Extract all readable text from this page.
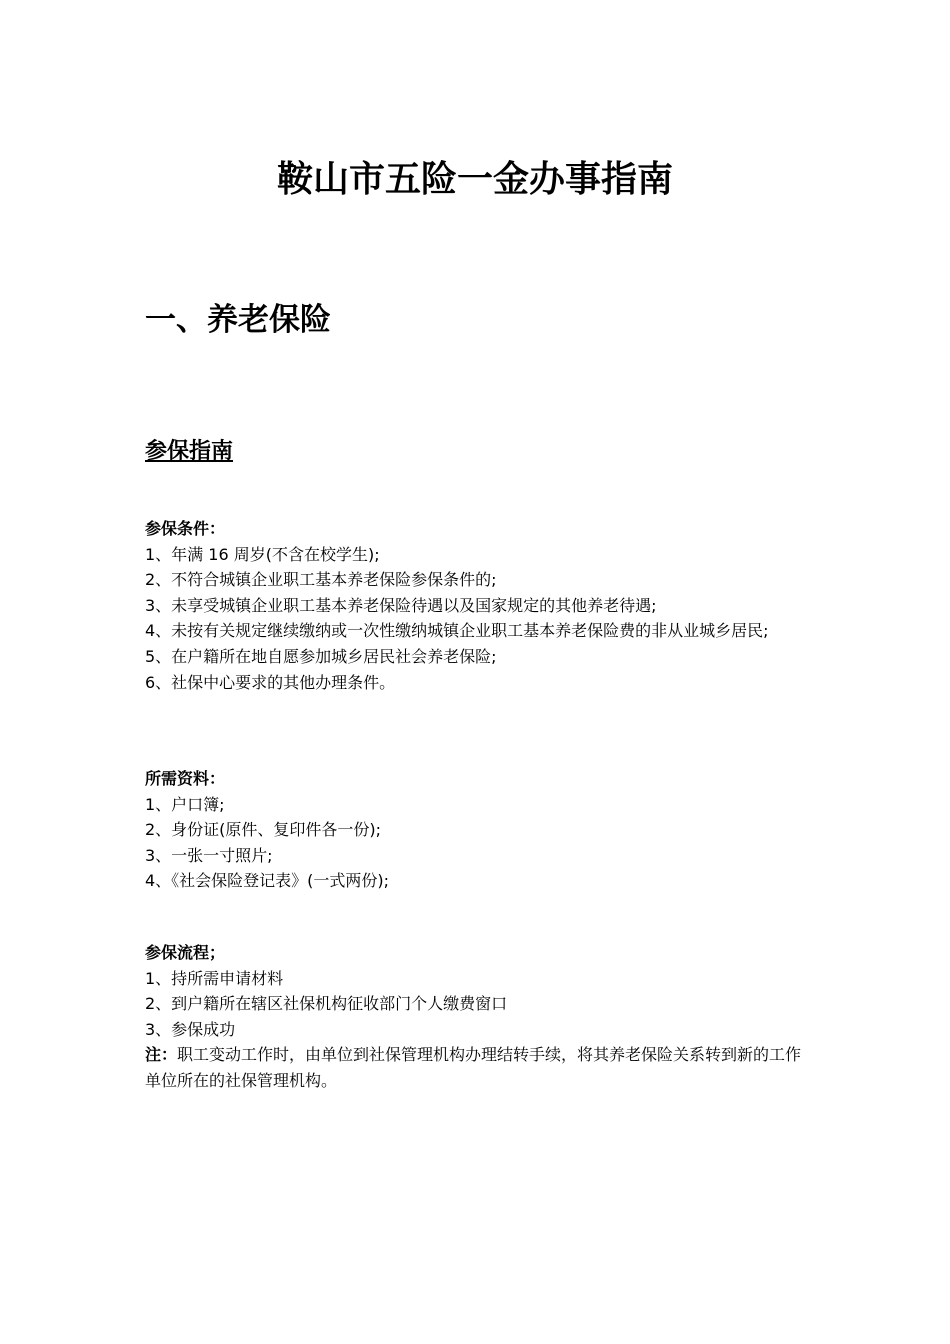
鞍山市五险一金办事指南
一、养老保险
参保指南
参保条件：
1、年满 16 周岁(不含在校学生);
2、不符合城镇企业职工基本养老保险参保条件的;
3、未享受城镇企业职工基本养老保险待遇以及国家规定的其他养老待遇;
4、未按有关规定继续缴纳或一次性缴纳城镇企业职工基本养老保险费的非从业城乡居民;
5、在户籍所在地自愿参加城乡居民社会养老保险;
6、社保中心要求的其他办理条件。
所需资料：
1、户口簿;
2、身份证(原件、复印件各一份);
3、一张一寸照片;
4、《社会保险登记表》(一式两份);
参保流程；
1、持所需申请材料
2、到户籍所在辖区社保机构征收部门个人缴费窗口
3、参保成功
注：职工变动工作时，由单位到社保管理机构办理结转手续，将其养老保险关系转到新的工作单位所在的社保管理机构。
